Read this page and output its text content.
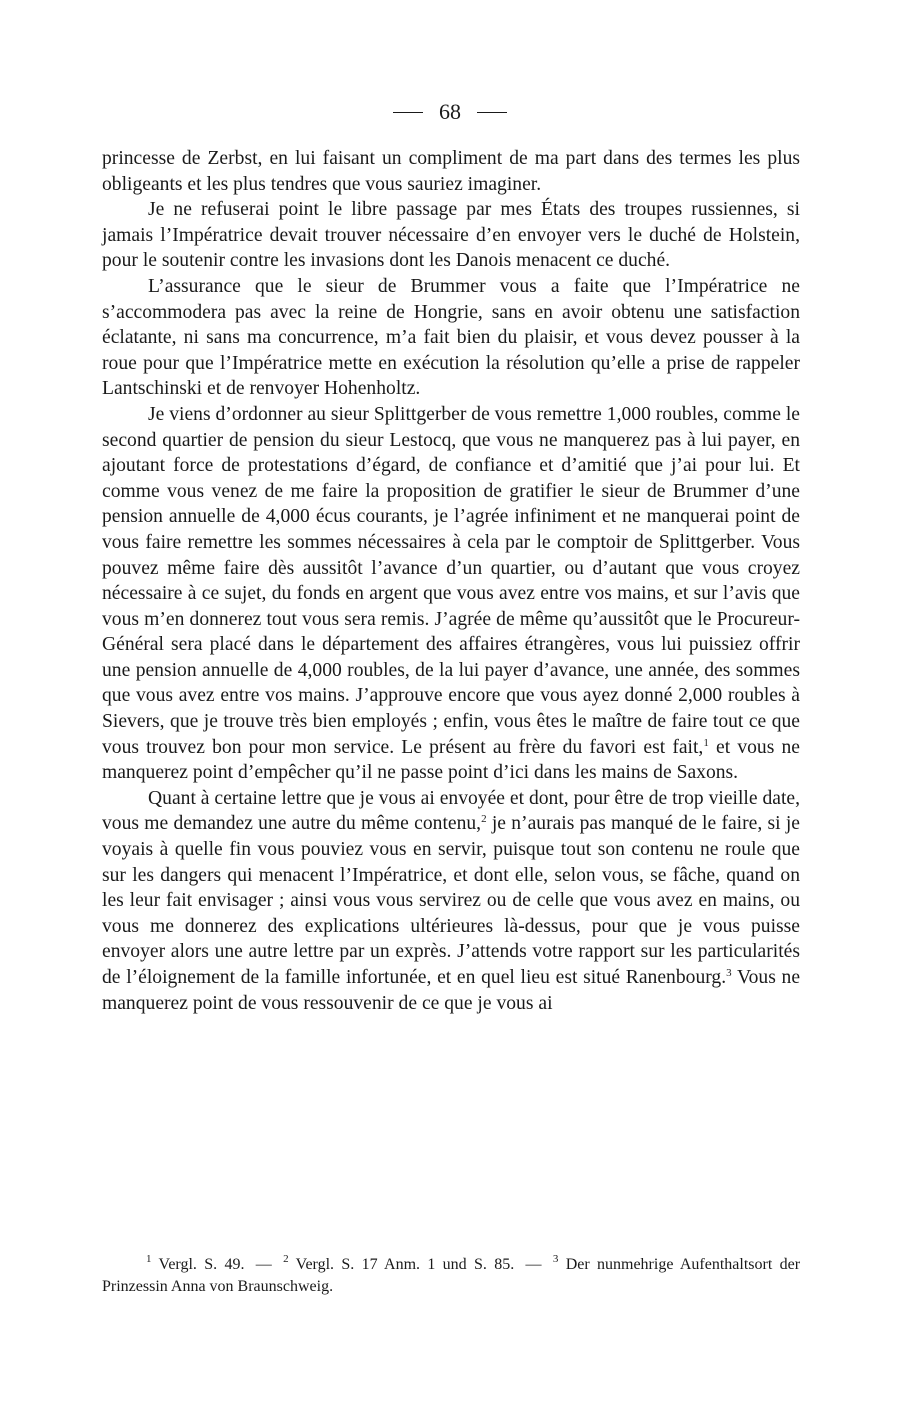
68

princesse de Zerbst, en lui faisant un compliment de ma part dans des termes les plus obligeants et les plus tendres que vous sauriez imaginer.

Je ne refuserai point le libre passage par mes États des troupes russiennes, si jamais l’Impératrice devait trouver nécessaire d’en envoyer vers le duché de Holstein, pour le soutenir contre les invasions dont les Danois menacent ce duché.

L’assurance que le sieur de Brummer vous a faite que l’Impératrice ne s’accommodera pas avec la reine de Hongrie, sans en avoir obtenu une satisfaction éclatante, ni sans ma concurrence, m’a fait bien du plaisir, et vous devez pousser à la roue pour que l’Impératrice mette en exécution la résolution qu’elle a prise de rappeler Lantschinski et de renvoyer Hohenholtz.

Je viens d’ordonner au sieur Splittgerber de vous remettre 1,000 roubles, comme le second quartier de pension du sieur Lestocq, que vous ne manquerez pas à lui payer, en ajoutant force de protestations d’égard, de confiance et d’amitié que j’ai pour lui. Et comme vous venez de me faire la proposition de gratifier le sieur de Brummer d’une pension annuelle de 4,000 écus courants, je l’agrée infiniment et ne manquerai point de vous faire remettre les sommes nécessaires à cela par le comptoir de Splittgerber. Vous pouvez même faire dès aussitôt l’avance d’un quartier, ou d’autant que vous croyez nécessaire à ce sujet, du fonds en argent que vous avez entre vos mains, et sur l’avis que vous m’en donnerez tout vous sera remis. J’agrée de même qu’aussitôt que le Procureur-Général sera placé dans le département des affaires étrangères, vous lui puissiez offrir une pension annuelle de 4,000 roubles, de la lui payer d’avance, une année, des sommes que vous avez entre vos mains. J’approuve encore que vous ayez donné 2,000 roubles à Sievers, que je trouve très bien employés ; enfin, vous êtes le maître de faire tout ce que vous trouvez bon pour mon service. Le présent au frère du favori est fait,$^1$ et vous ne manquerez point d’empêcher qu’il ne passe point d’ici dans les mains de Saxons.

Quant à certaine lettre que je vous ai envoyée et dont, pour être de trop vieille date, vous me demandez une autre du même contenu,$^2$ je n’aurais pas manqué de le faire, si je voyais à quelle fin vous pouviez vous en servir, puisque tout son contenu ne roule que sur les dangers qui menacent l’Impératrice, et dont elle, selon vous, se fâche, quand on les leur fait envisager ; ainsi vous vous servirez ou de celle que vous avez en mains, ou vous me donnerez des explications ultérieures là-dessus, pour que je vous puisse envoyer alors une autre lettre par un exprès. J’attends votre rapport sur les particularités de l’éloignement de la famille infortunée, et en quel lieu est situé Ranenbourg.$^3$ Vous ne manquerez point de vous ressouvenir de ce que je vous ai

$^1$ Vergl. S. 49. — $^2$ Vergl. S. 17 Anm. 1 und S. 85. — $^3$ Der nunmehrige Aufenthaltsort der Prinzessin Anna von Braunschweig.
